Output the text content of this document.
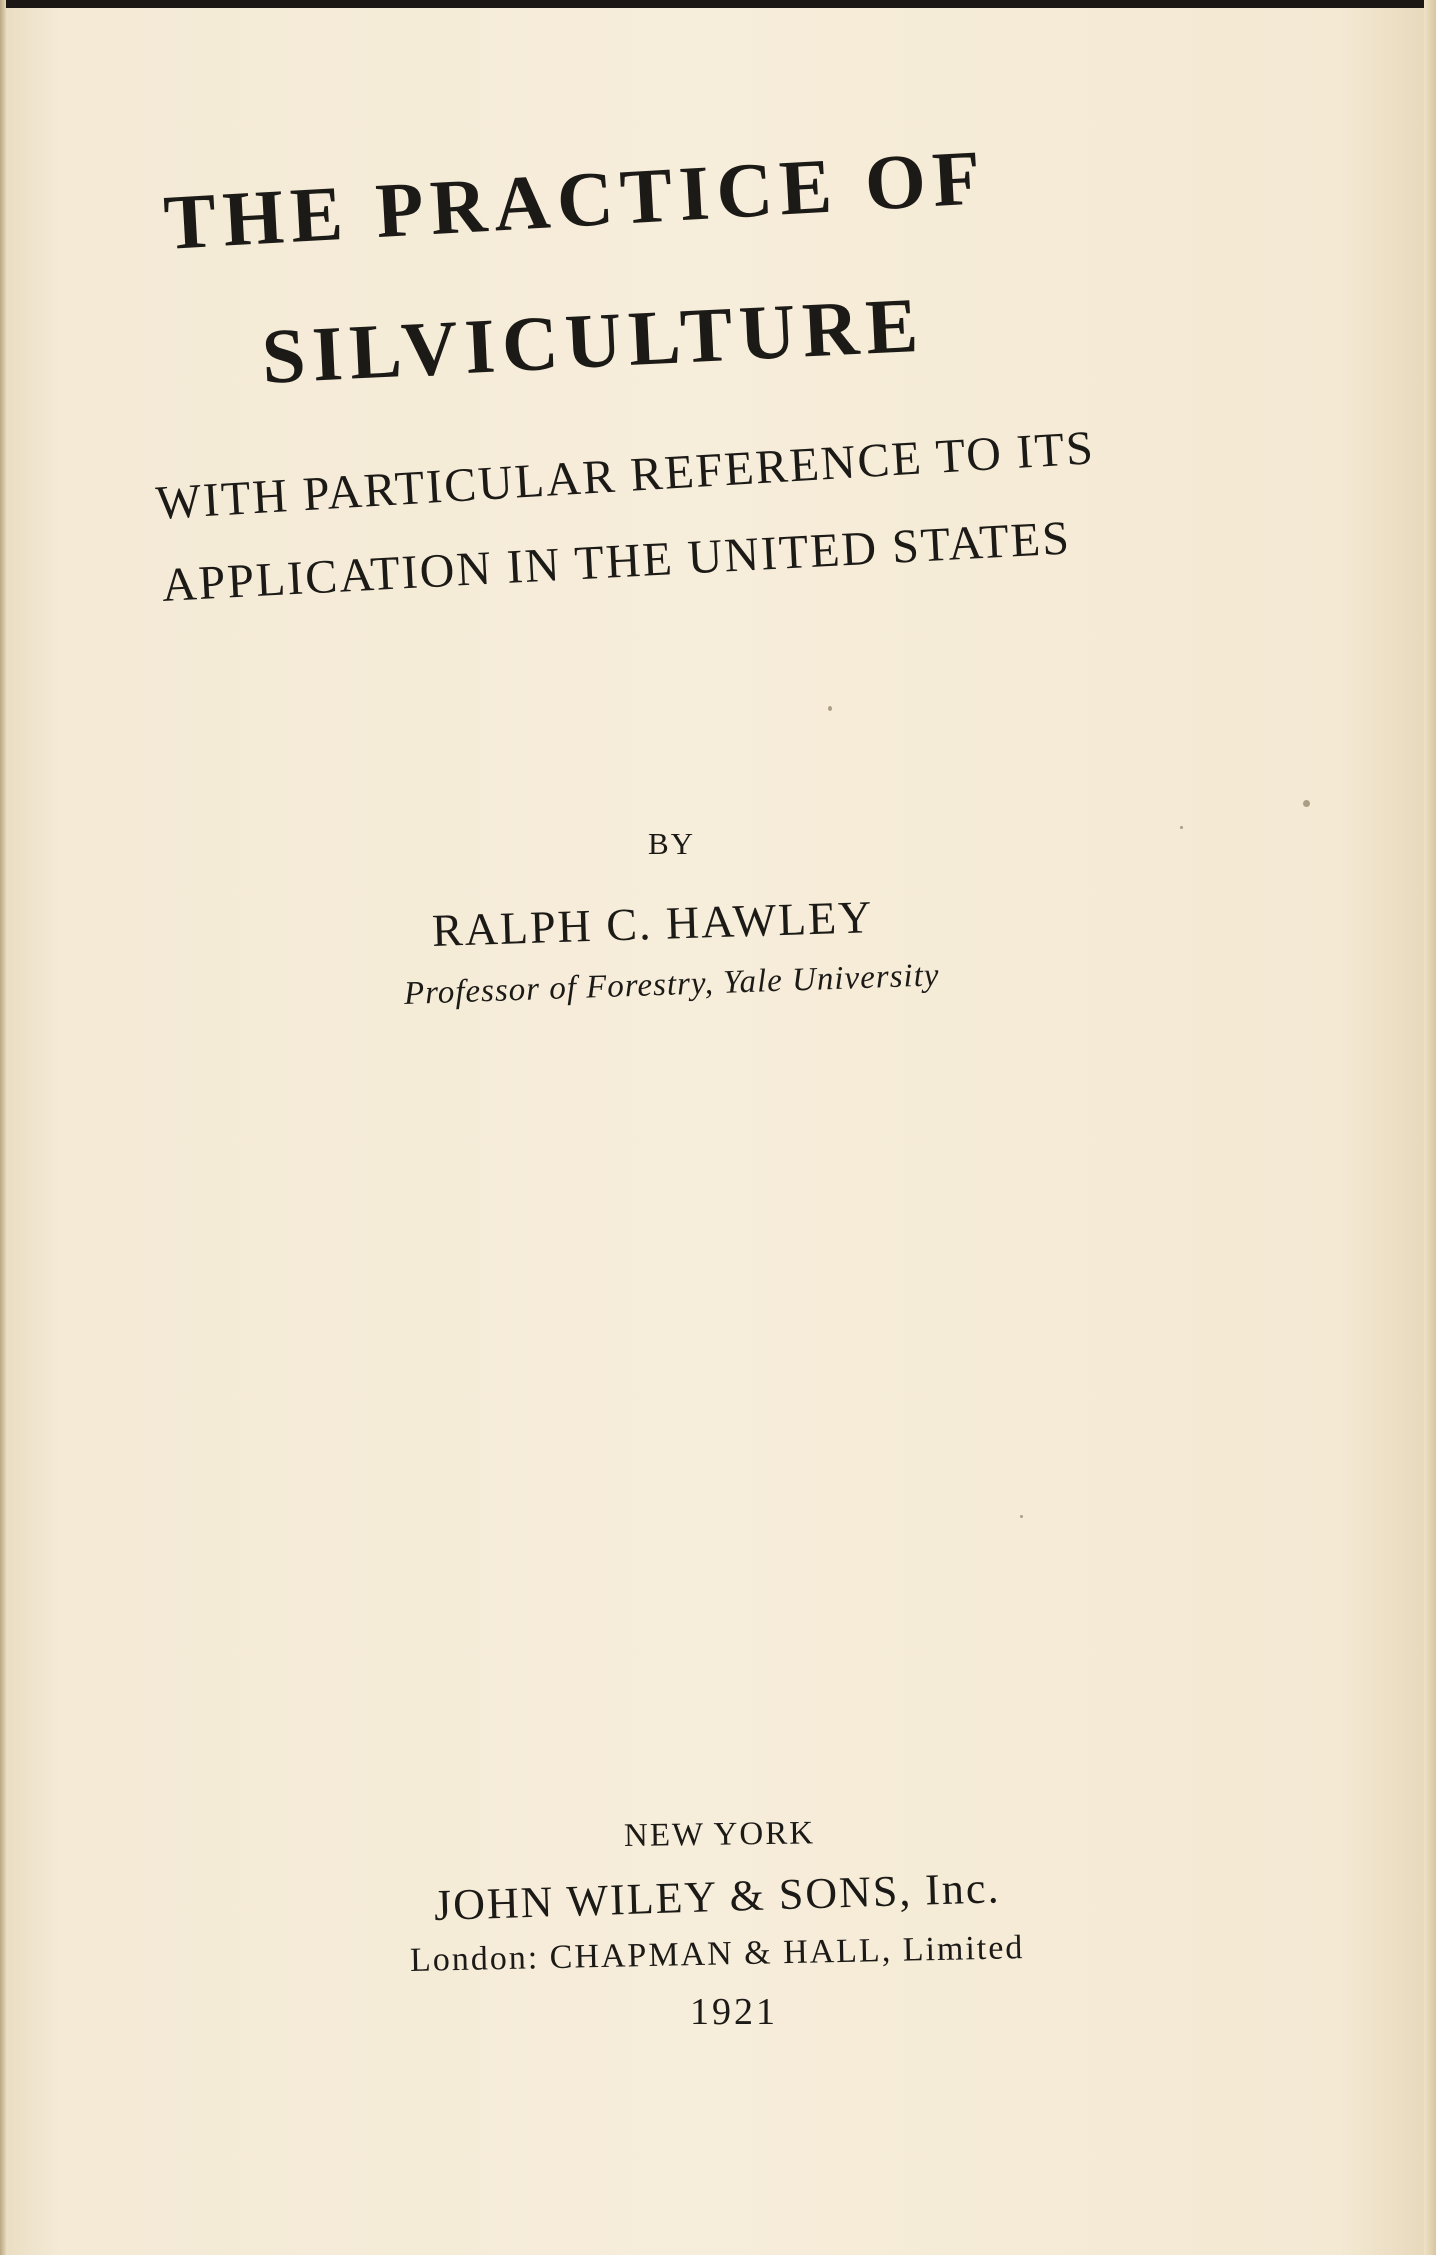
THE PRACTICE OF
SILVICULTURE
WITH PARTICULAR REFERENCE TO ITS
APPLICATION IN THE UNITED STATES
BY
RALPH C. HAWLEY
Professor of Forestry, Yale University
NEW YORK
JOHN WILEY & SONS, Inc.
London: CHAPMAN & HALL, Limited
1921
